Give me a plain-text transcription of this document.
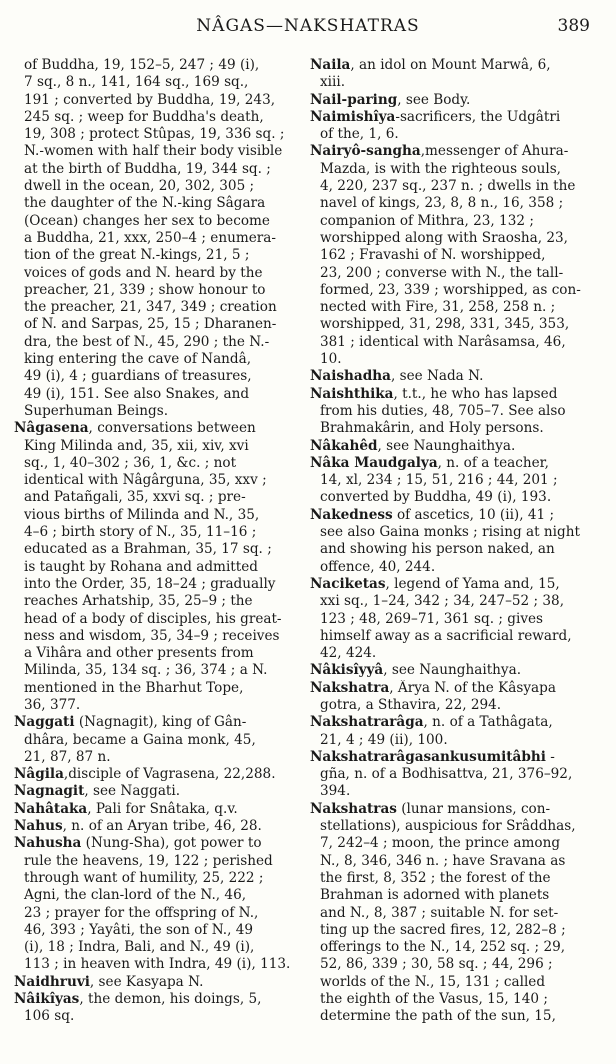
NÂGAS—NAKSHATRAS	389
of Buddha, 19, 152–5, 247 ; 49 (i),
7 sq., 8 n., 141, 164 sq., 169 sq.,
191 ; converted by Buddha, 19, 243,
245 sq. ; weep for Buddha's death,
19, 308 ; protect Stûpas, 19, 336 sq. ;
N.-women with half their body visible
at the birth of Buddha, 19, 344 sq. ;
dwell in the ocean, 20, 302, 305 ;
the daughter of the N.-king Sâgara
(Ocean) changes her sex to become
a Buddha, 21, xxx, 250–4 ; enumera-
tion of the great N.-kings, 21, 5 ;
voices of gods and N. heard by the
preacher, 21, 339 ; show honour to
the preacher, 21, 347, 349 ; creation
of N. and Sarpas, 25, 15 ; Dharanen-
dra, the best of N., 45, 290 ; the N.-
king entering the cave of Nandâ,
49 (i), 4 ; guardians of treasures,
49 (i), 151. See also Snakes, and
Superhuman Beings.
Nâgasena, conversations between
King Milinda and, 35, xii, xiv, xvi
sq., 1, 40–302 ; 36, 1, &c. ; not
identical with Nâgârguna, 35, xxv ;
and Patañgali, 35, xxvi sq. ; pre-
vious births of Milinda and N., 35,
4–6 ; birth story of N., 35, 11–16 ;
educated as a Brahman, 35, 17 sq. ;
is taught by Rohana and admitted
into the Order, 35, 18–24 ; gradually
reaches Arhatship, 35, 25–9 ; the
head of a body of disciples, his great-
ness and wisdom, 35, 34–9 ; receives
a Vihâra and other presents from
Milinda, 35, 134 sq. ; 36, 374 ; a N.
mentioned in the Bharhut Tope,
36, 377.
Naggati (Nagnagit), king of Gân-
dhâra, became a Gaina monk, 45,
21, 87, 87 n.
Nâgila,disciple of Vagrasena, 22,288.
Nagnagit, see Naggati.
Nahâtaka, Pali for Snâtaka, q.v.
Nahus, n. of an Aryan tribe, 46, 28.
Nahusha (Nung-Sha), got power to
rule the heavens, 19, 122 ; perished
through want of humility, 25, 222 ;
Agni, the clan-lord of the N., 46,
23 ; prayer for the offspring of N.,
46, 393 ; Yayâti, the son of N., 49
(i), 18 ; Indra, Bali, and N., 49 (i),
113 ; in heaven with Indra, 49 (i), 113.
Naidhruvi, see Kasyapa N.
Nâikîyas, the demon, his doings, 5,
106 sq.
Naila, an idol on Mount Marwâ, 6,
xiii.
Nail-paring, see Body.
Naimishîya-sacrificers, the Udgâtri
of the, 1, 6.
Nairyô-sangha,messenger of Ahura-
Mazda, is with the righteous souls,
4, 220, 237 sq., 237 n. ; dwells in the
navel of kings, 23, 8, 8 n., 16, 358 ;
companion of Mithra, 23, 132 ;
worshipped along with Sraosha, 23,
162 ; Fravashi of N. worshipped,
23, 200 ; converse with N., the tall-
formed, 23, 339 ; worshipped, as con-
nected with Fire, 31, 258, 258 n. ;
worshipped, 31, 298, 331, 345, 353,
381 ; identical with Narâsamsa, 46,
10.
Naishadha, see Nada N.
Naishthika, t.t., he who has lapsed
from his duties, 48, 705–7. See also
Brahmakârin, and Holy persons.
Nâkahêd, see Naunghaithya.
Nâka Maudgalya, n. of a teacher,
14, xl, 234 ; 15, 51, 216 ; 44, 201 ;
converted by Buddha, 49 (i), 193.
Nakedness of ascetics, 10 (ii), 41 ;
see also Gaina monks ; rising at night
and showing his person naked, an
offence, 40, 244.
Naciketas, legend of Yama and, 15,
xxi sq., 1–24, 342 ; 34, 247–52 ; 38,
123 ; 48, 269–71, 361 sq. ; gives
himself away as a sacrificial reward,
42, 424.
Nâkisîyyâ, see Naunghaithya.
Nakshatra, Ârya N. of the Kâsyapa
gotra, a Sthavira, 22, 294.
Nakshatrarâga, n. of a Tathâgata,
21, 4 ; 49 (ii), 100.
Nakshatrarâgasankusumitâbhi -
gña, n. of a Bodhisattva, 21, 376–92,
394.
Nakshatras (lunar mansions, con-
stellations), auspicious for Srâddhas,
7, 242–4 ; moon, the prince among
N., 8, 346, 346 n. ; have Sravana as
the first, 8, 352 ; the forest of the
Brahman is adorned with planets
and N., 8, 387 ; suitable N. for set-
ting up the sacred fires, 12, 282–8 ;
offerings to the N., 14, 252 sq. ; 29,
52, 86, 339 ; 30, 58 sq. ; 44, 296 ;
worlds of the N., 15, 131 ; called
the eighth of the Vasus, 15, 140 ;
determine the path of the sun, 15,
